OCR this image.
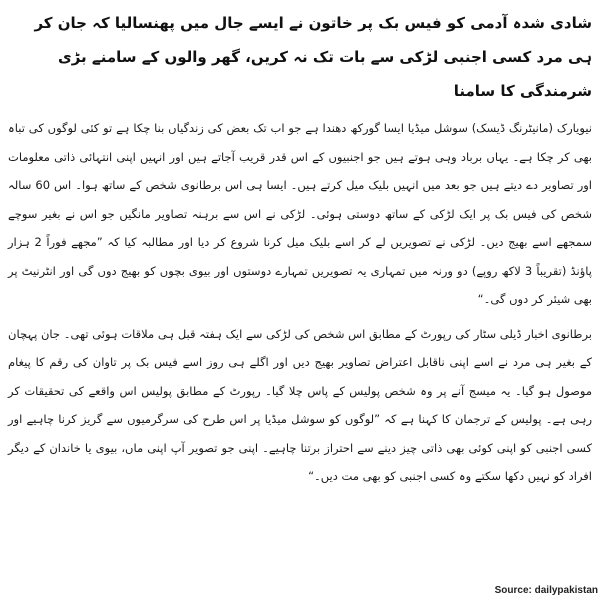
شادی شدہ آدمی کو فیس بک پر خاتون نے ایسے جال میں پھنسالیا کہ جان کر ہی مرد کسی اجنبی لڑکی سے بات تک نہ کریں، گھر والوں کے سامنے بڑی شرمندگی کا سامنا

نیویارک (مانیٹرنگ ڈیسک) سوشل میڈیا ایسا گورکھ دھندا ہے جو اب تک بعض کی زندگیاں بنا چکا ہے تو کئی لوگوں کی تباہ بھی کر چکا ہے۔ یہاں برباد وہی ہوتے ہیں جو اجنبیوں کے اس قدر قریب آجاتے ہیں اور انہیں اپنی انتہائی ذاتی معلومات اور تصاویر دے دیتے ہیں جو بعد میں انہیں بلیک میل کرتے ہیں۔ ایسا ہی اس برطانوی شخص کے ساتھ ہوا۔ اس 60 سالہ شخص کی فیس بک پر ایک لڑکی کے ساتھ دوستی ہوئی۔ لڑکی نے اس سے برہنہ تصاویر مانگیں جو اس نے بغیر سوچے سمجھے اسے بھیج دیں۔ لڑکی نے تصویریں لے کر اسے بلیک میل کرنا شروع کر دیا اور مطالبہ کیا کہ ”مجھے فوراً 2 ہزار پاؤنڈ (تقریباً 3 لاکھ روپے) دو ورنہ میں تمہاری یہ تصویریں تمہارے دوستوں اور بیوی بچوں کو بھیج دوں گی اور انٹرنیٹ پر بھی شیئر کر دوں گی۔“

برطانوی اخبار ڈیلی سٹار کی رپورٹ کے مطابق اس شخص کی لڑکی سے ایک ہفتہ قبل ہی ملاقات ہوئی تھی۔ جان پہچان کے بغیر ہی مرد نے اسے اپنی ناقابل اعتراض تصاویر بھیج دیں اور اگلے ہی روز اسے فیس بک پر تاوان کی رقم کا پیغام موصول ہو گیا۔ یہ میسج آنے پر وہ شخص پولیس کے پاس چلا گیا۔ رپورٹ کے مطابق پولیس اس واقعے کی تحقیقات کر رہی ہے۔ پولیس کے ترجمان کا کہنا ہے کہ ”لوگوں کو سوشل میڈیا پر اس طرح کی سرگرمیوں سے گریز کرنا چاہیے اور کسی اجنبی کو اپنی کوئی بھی ذاتی چیز دینے سے احتراز برتنا چاہیے۔ اپنی جو تصویر آپ اپنی ماں، بیوی یا خاندان کے دیگر افراد کو نہیں دکھا سکتے وہ کسی اجنبی کو بھی مت دیں۔“

Source: dailypakistan
